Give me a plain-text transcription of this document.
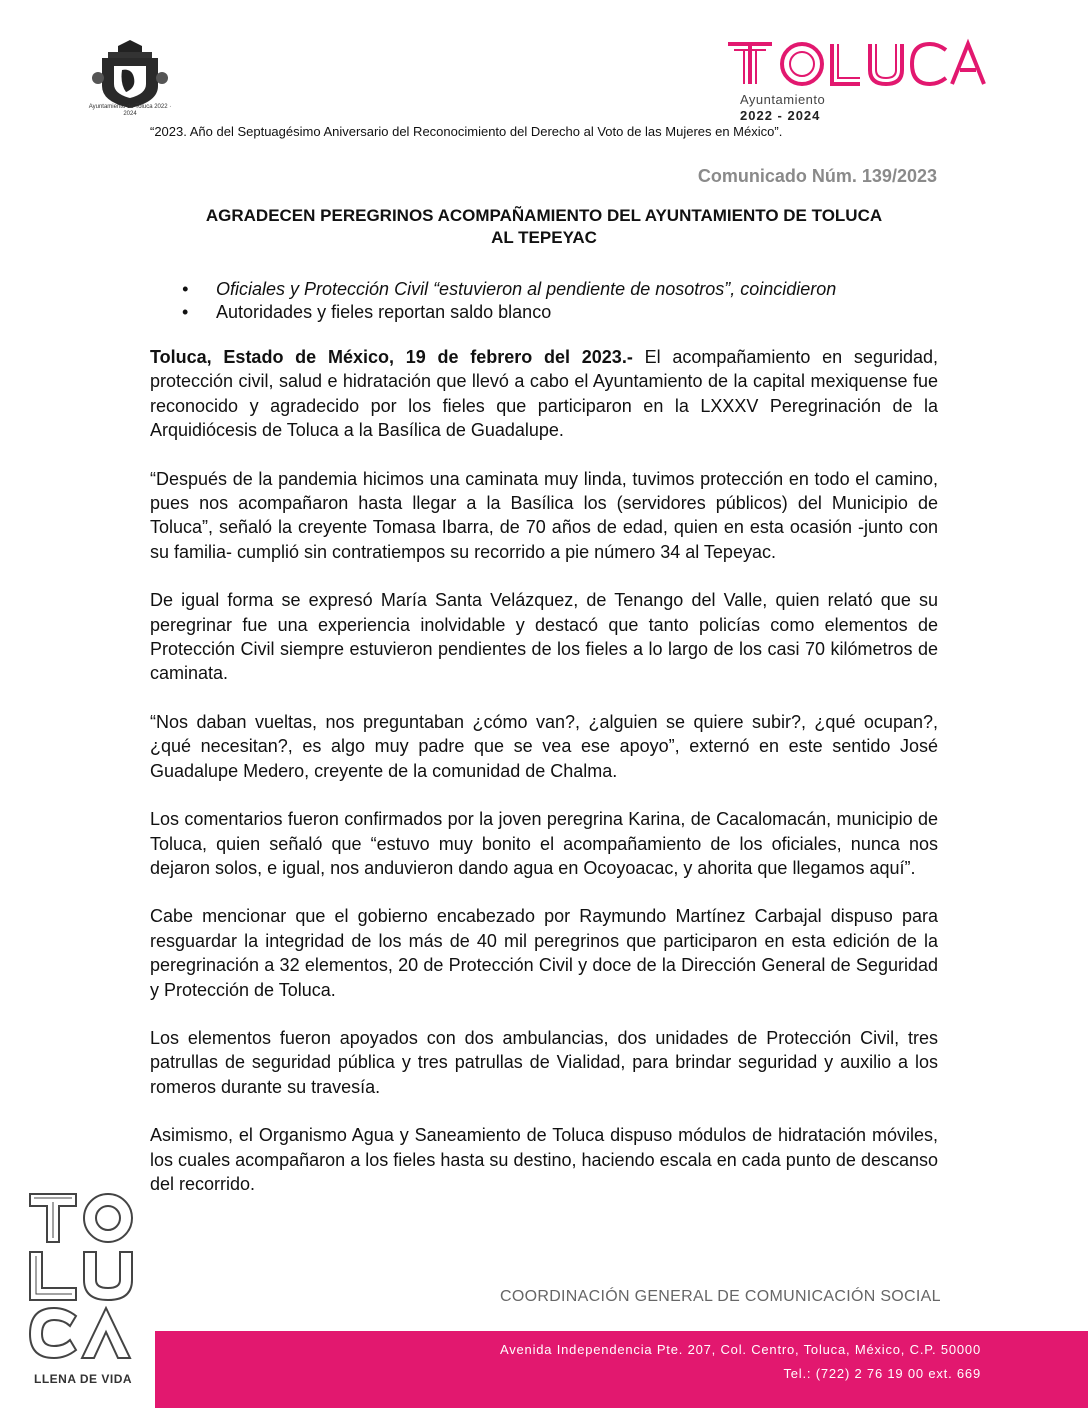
Ayuntamiento de Toluca 2022 · 2024
Ayuntamiento
2022 - 2024
“2023. Año del Septuagésimo Aniversario del Reconocimiento del Derecho al Voto de las Mujeres en México”.
Comunicado Núm. 139/2023
AGRADECEN PEREGRINOS ACOMPAÑAMIENTO DEL AYUNTAMIENTO DE TOLUCA
AL TEPEYAC
• Oficiales y Protección Civil “estuvieron al pendiente de nosotros”, coincidieron
• Autoridades y fieles reportan saldo blanco

Toluca, Estado de México, 19 de febrero del 2023.- El acompañamiento en seguridad, protección civil, salud e hidratación que llevó a cabo el Ayuntamiento de la capital mexiquense fue reconocido y agradecido por los fieles que participaron en la LXXXV Peregrinación de la Arquidiócesis de Toluca a la Basílica de Guadalupe.

“Después de la pandemia hicimos una caminata muy linda, tuvimos protección en todo el camino, pues nos acompañaron hasta llegar a la Basílica los (servidores públicos) del Municipio de Toluca”, señaló la creyente Tomasa Ibarra, de 70 años de edad, quien en esta ocasión -junto con su familia- cumplió sin contratiempos su recorrido a pie número 34 al Tepeyac.

De igual forma se expresó María Santa Velázquez, de Tenango del Valle, quien relató que su peregrinar fue una experiencia inolvidable y destacó que tanto policías como elementos de Protección Civil siempre estuvieron pendientes de los fieles a lo largo de los casi 70 kilómetros de caminata.

“Nos daban vueltas, nos preguntaban ¿cómo van?, ¿alguien se quiere subir?, ¿qué ocupan?, ¿qué necesitan?, es algo muy padre que se vea ese apoyo”, externó en este sentido José Guadalupe Medero, creyente de la comunidad de Chalma.

Los comentarios fueron confirmados por la joven peregrina Karina, de Cacalomacán, municipio de Toluca, quien señaló que “estuvo muy bonito el acompañamiento de los oficiales, nunca nos dejaron solos, e igual, nos anduvieron dando agua en Ocoyoacac, y ahorita que llegamos aquí”.

Cabe mencionar que el gobierno encabezado por Raymundo Martínez Carbajal dispuso para resguardar la integridad de los más de 40 mil peregrinos que participaron en esta edición de la peregrinación a 32 elementos, 20 de Protección Civil y doce de la Dirección General de Seguridad y Protección de Toluca.

Los elementos fueron apoyados con dos ambulancias, dos unidades de Protección Civil, tres patrullas de seguridad pública y tres patrullas de Vialidad, para brindar seguridad y auxilio a los romeros durante su travesía.

Asimismo, el Organismo Agua y Saneamiento de Toluca dispuso módulos de hidratación móviles, los cuales acompañaron a los fieles hasta su destino, haciendo escala en cada punto de descanso del recorrido.

LLENA DE VIDA
COORDINACIÓN GENERAL DE COMUNICACIÓN SOCIAL
Avenida Independencia Pte. 207, Col. Centro, Toluca, México, C.P. 50000
Tel.: (722) 2 76 19 00 ext. 669
